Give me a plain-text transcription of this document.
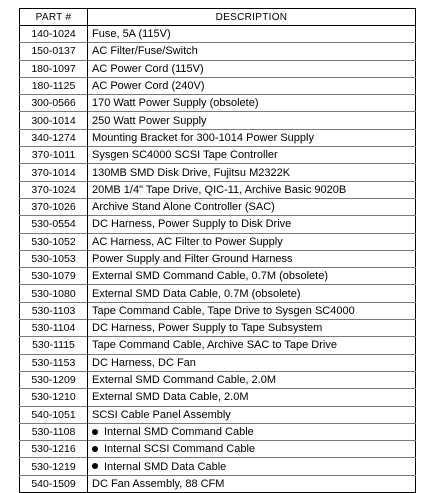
PART #	DESCRIPTION
140-1024	Fuse, 5A (115V)
150-0137	AC Filter/Fuse/Switch
180-1097	AC Power Cord (115V)
180-1125	AC Power Cord (240V)
300-0566	170 Watt Power Supply (obsolete)
300-1014	250 Watt Power Supply
340-1274	Mounting Bracket for 300-1014 Power Supply
370-1011	Sysgen SC4000 SCSI Tape Controller
370-1014	130MB SMD Disk Drive, Fujitsu M2322K
370-1024	20MB 1/4" Tape Drive, QIC-11, Archive Basic 9020B
370-1026	Archive Stand Alone Controller (SAC)
530-0554	DC Harness, Power Supply to Disk Drive
530-1052	AC Harness, AC Filter to Power Supply
530-1053	Power Supply and Filter Ground Harness
530-1079	External SMD Command Cable, 0.7M (obsolete)
530-1080	External SMD Data Cable, 0.7M (obsolete)
530-1103	Tape Command Cable, Tape Drive to Sysgen SC4000
530-1104	DC Harness, Power Supply to Tape Subsystem
530-1115	Tape Command Cable, Archive SAC to Tape Drive
530-1153	DC Harness, DC Fan
530-1209	External SMD Command Cable, 2.0M
530-1210	External SMD Data Cable, 2.0M
540-1051	SCSI Cable Panel Assembly
530-1108	Internal SMD Command Cable
530-1216	Internal SCSI Command Cable
530-1219	Internal SMD Data Cable
540-1509	DC Fan Assembly, 88 CFM
